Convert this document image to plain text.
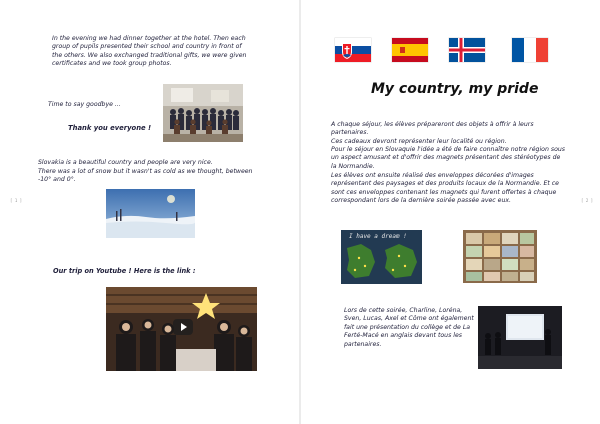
In the evening we had dinner together at the hotel. Then each group of pupils presented their school and country in front of the others. We also exchanged traditional gifts, we were given certificates and we took group photos.
Time to say goodbye ...
Thank you everyone !
Slovakia is a beautiful country and people are very nice.
There was a lot of snow but it wasn't as cold as we thought, between -10° and 0°.
Our trip on Youtube ! Here is the link :
[ 1 ]
My country, my pride
A chaque séjour, les élèves prépareront des objets à offrir à leurs partenaires.
Ces cadeaux devront représenter leur localité ou région.
Pour le séjour en Slovaquie l'idée a été de faire connaître notre région sous un aspect amusant et d'offrir des magnets présentant des stéréotypes de la Normandie.
Les élèves ont ensuite réalisé des enveloppes décorées d'images représentant des paysages et des produits locaux de la Normandie. Et ce sont ces enveloppes contenant les magnets qui furent offertes à chaque correspondant lors de la dernière soirée passée avec eux.
I have a dream !
Lors de cette soirée, Charline, Loréna, Sven, Lucas, Axel et Côme ont également fait une présentation du collège et de La Ferté-Macé en anglais devant tous les partenaires.
[ 2 ]
